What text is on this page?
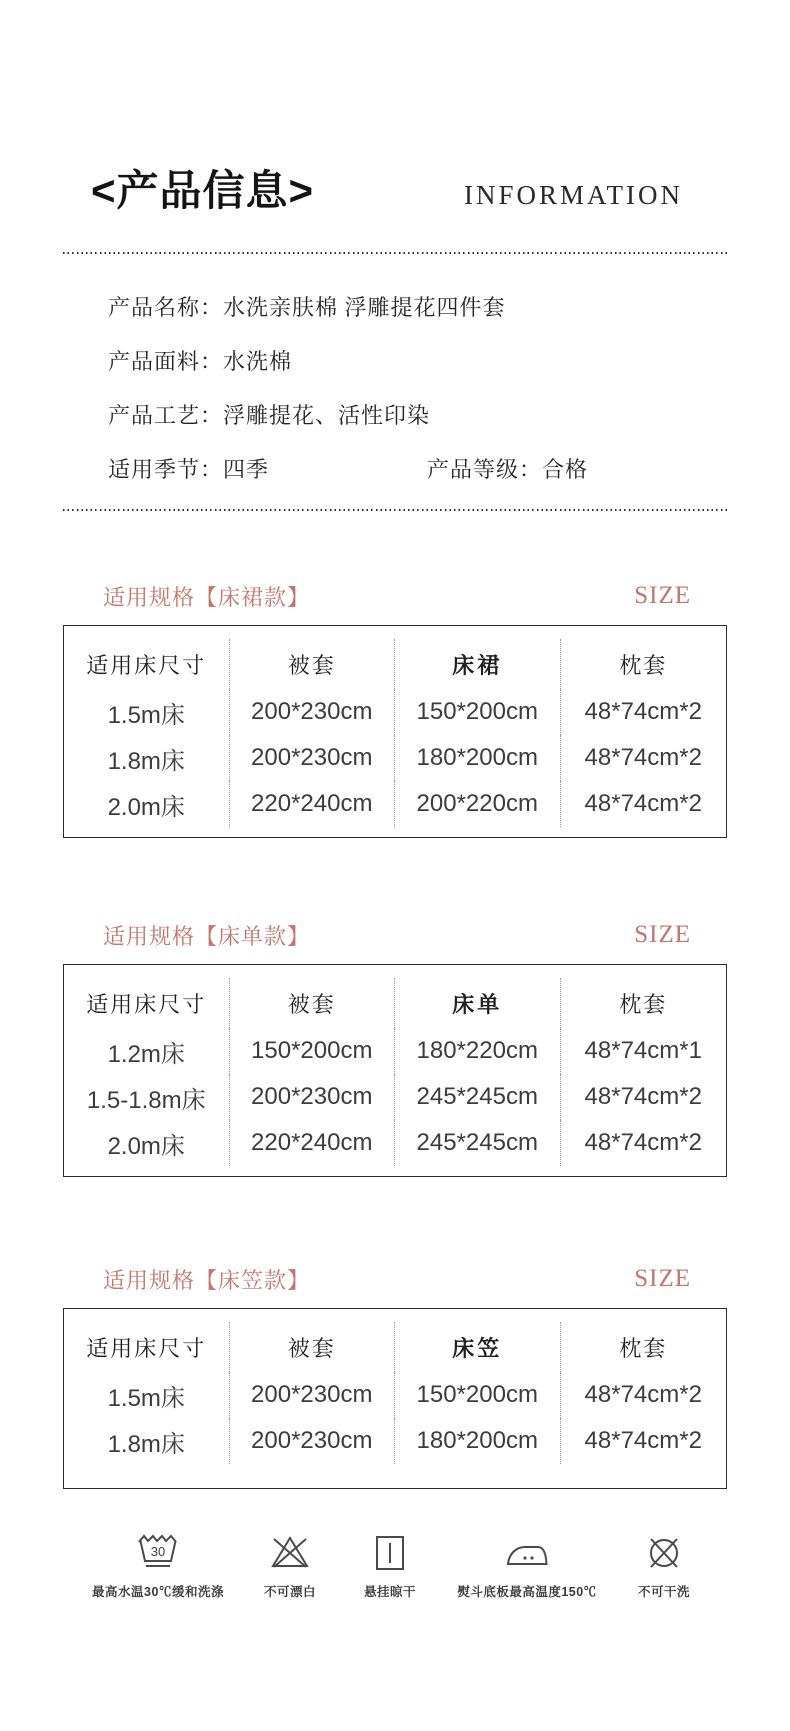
<产品信息>	INFORMATION
产品名称：水洗亲肤棉 浮雕提花四件套
产品面料：水洗棉
产品工艺：浮雕提花、活性印染
适用季节：四季	产品等级：合格
适用规格【床裙款】	SIZE
适用床尺寸	被套	床裙	枕套
1.5m床	200*230cm	150*200cm	48*74cm*2
1.8m床	200*230cm	180*200cm	48*74cm*2
2.0m床	220*240cm	200*220cm	48*74cm*2
适用规格【床单款】	SIZE
适用床尺寸	被套	床单	枕套
1.2m床	150*200cm	180*220cm	48*74cm*1
1.5-1.8m床	200*230cm	245*245cm	48*74cm*2
2.0m床	220*240cm	245*245cm	48*74cm*2
适用规格【床笠款】	SIZE
适用床尺寸	被套	床笠	枕套
1.5m床	200*230cm	150*200cm	48*74cm*2
1.8m床	200*230cm	180*200cm	48*74cm*2
30
最高水温30℃缓和洗涤	不可漂白	悬挂晾干	熨斗底板最高温度150℃	不可干洗
